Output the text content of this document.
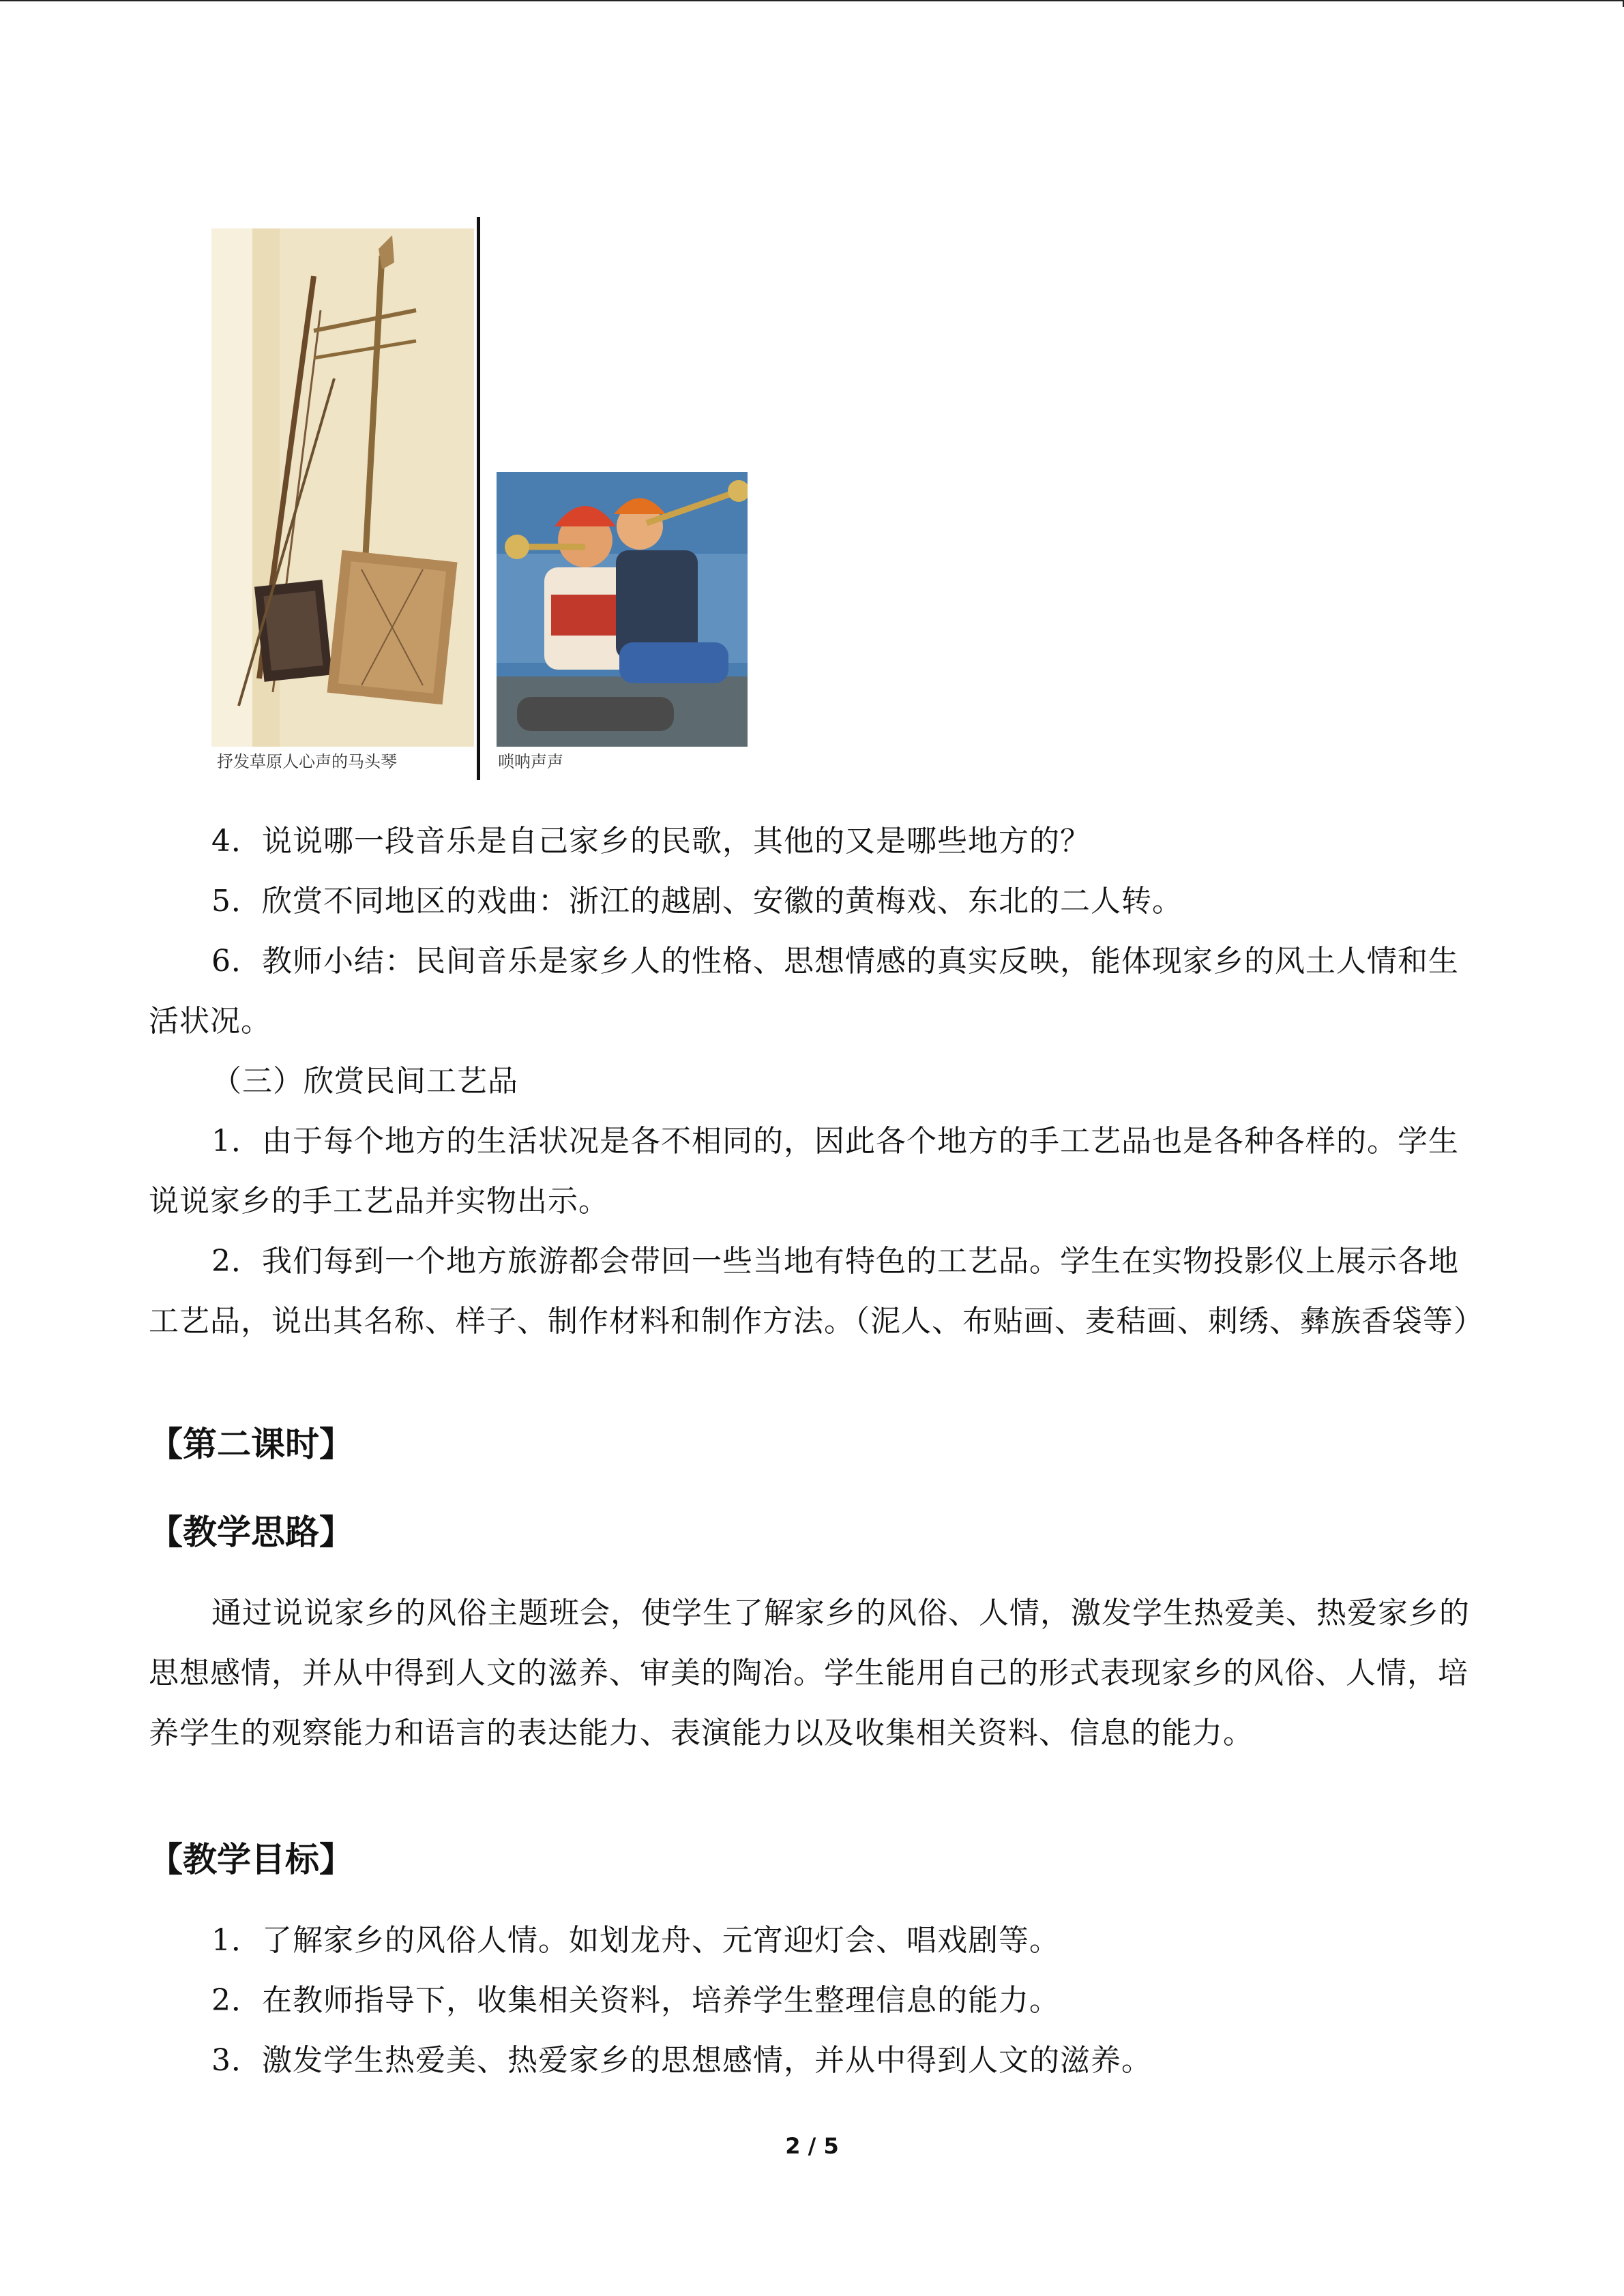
抒发草原人心声的马头琴	唢呐声声
4．说说哪一段音乐是自己家乡的民歌，其他的又是哪些地方的？
5．欣赏不同地区的戏曲：浙江的越剧、安徽的黄梅戏、东北的二人转。
6．教师小结：民间音乐是家乡人的性格、思想情感的真实反映，能体现家乡的风土人情和生活状况。
（三）欣赏民间工艺品
1．由于每个地方的生活状况是各不相同的，因此各个地方的手工艺品也是各种各样的。学生说说家乡的手工艺品并实物出示。
2．我们每到一个地方旅游都会带回一些当地有特色的工艺品。学生在实物投影仪上展示各地工艺品，说出其名称、样子、制作材料和制作方法。（泥人、布贴画、麦秸画、刺绣、彝族香袋等）
【第二课时】
【教学思路】
通过说说家乡的风俗主题班会，使学生了解家乡的风俗、人情，激发学生热爱美、热爱家乡的思想感情，并从中得到人文的滋养、审美的陶冶。学生能用自己的形式表现家乡的风俗、人情，培养学生的观察能力和语言的表达能力、表演能力以及收集相关资料、信息的能力。
【教学目标】
1．了解家乡的风俗人情。如划龙舟、元宵迎灯会、唱戏剧等。
2．在教师指导下，收集相关资料，培养学生整理信息的能力。
3．激发学生热爱美、热爱家乡的思想感情，并从中得到人文的滋养。
2 / 5
